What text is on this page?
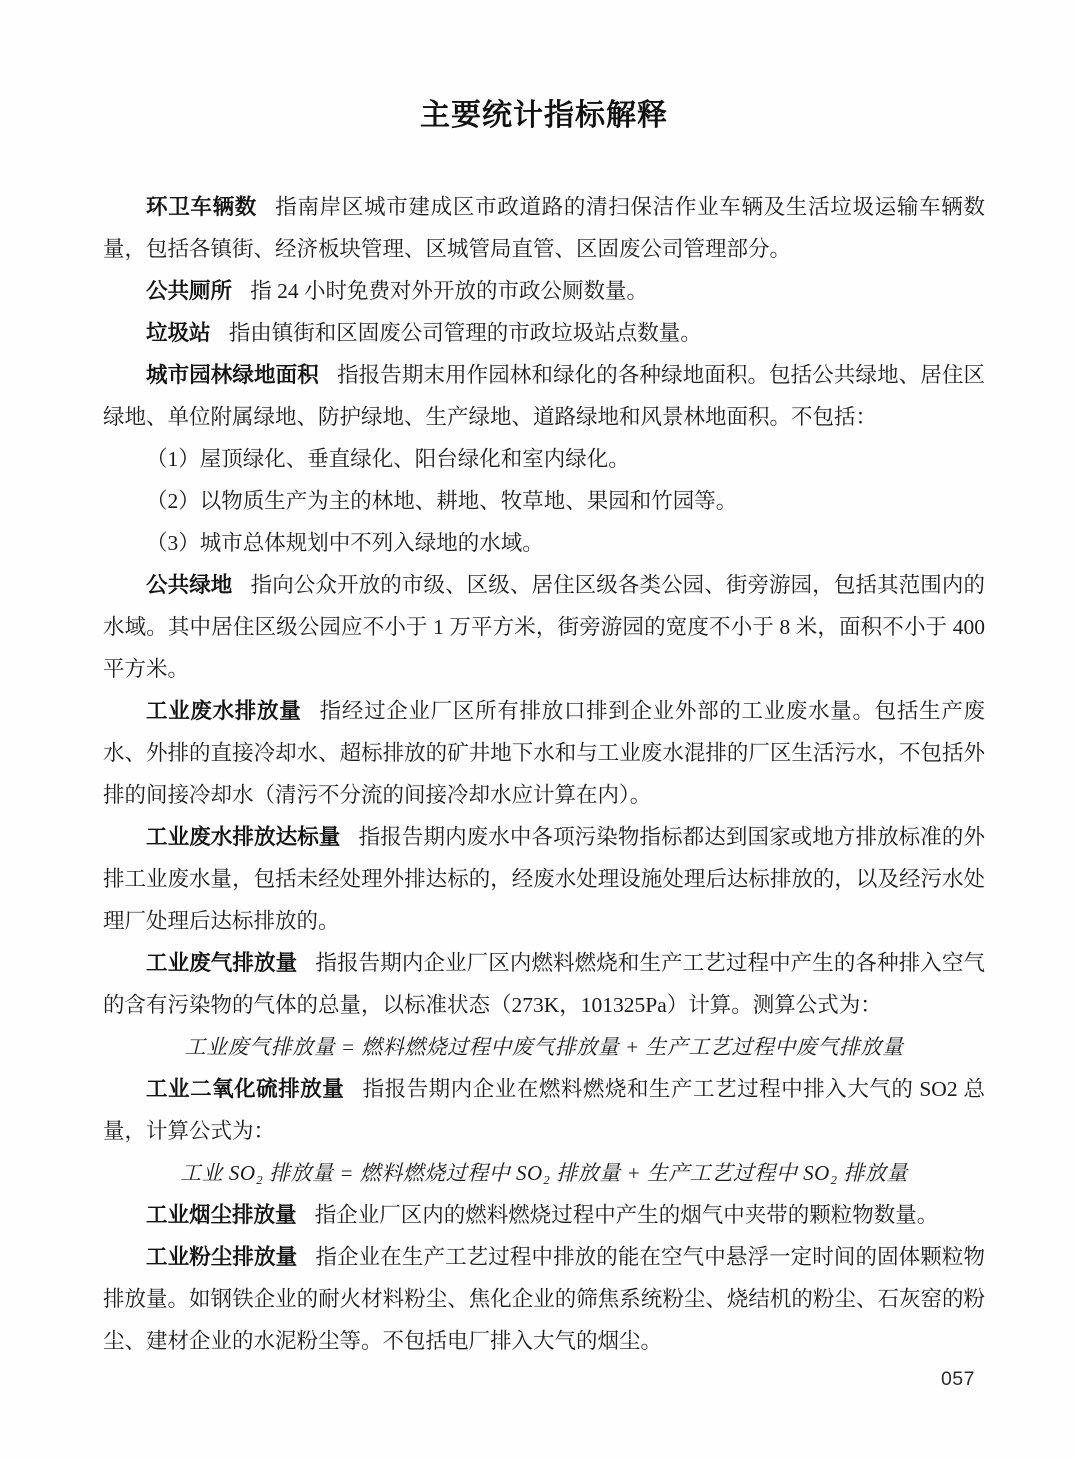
主要统计指标解释

环卫车辆数 指南岸区城市建成区市政道路的清扫保洁作业车辆及生活垃圾运输车辆数量，包括各镇街、经济板块管理、区城管局直管、区固废公司管理部分。

公共厕所 指 24 小时免费对外开放的市政公厕数量。

垃圾站 指由镇街和区固废公司管理的市政垃圾站点数量。

城市园林绿地面积 指报告期末用作园林和绿化的各种绿地面积。包括公共绿地、居住区绿地、单位附属绿地、防护绿地、生产绿地、道路绿地和风景林地面积。不包括：

（1）屋顶绿化、垂直绿化、阳台绿化和室内绿化。

（2）以物质生产为主的林地、耕地、牧草地、果园和竹园等。

（3）城市总体规划中不列入绿地的水域。

公共绿地 指向公众开放的市级、区级、居住区级各类公园、街旁游园，包括其范围内的水域。其中居住区级公园应不小于 1 万平方米，街旁游园的宽度不小于 8 米，面积不小于 400 平方米。

工业废水排放量 指经过企业厂区所有排放口排到企业外部的工业废水量。包括生产废水、外排的直接冷却水、超标排放的矿井地下水和与工业废水混排的厂区生活污水，不包括外排的间接冷却水（清污不分流的间接冷却水应计算在内）。

工业废水排放达标量 指报告期内废水中各项污染物指标都达到国家或地方排放标准的外排工业废水量，包括未经处理外排达标的，经废水处理设施处理后达标排放的，以及经污水处理厂处理后达标排放的。

工业废气排放量 指报告期内企业厂区内燃料燃烧和生产工艺过程中产生的各种排入空气的含有污染物的气体的总量，以标准状态（273K，101325Pa）计算。测算公式为：

工业废气排放量 = 燃料燃烧过程中废气排放量 + 生产工艺过程中废气排放量

工业二氧化硫排放量 指报告期内企业在燃料燃烧和生产工艺过程中排入大气的 SO2 总量，计算公式为：

工业 SO₂ 排放量 = 燃料燃烧过程中 SO₂ 排放量 + 生产工艺过程中 SO₂ 排放量

工业烟尘排放量 指企业厂区内的燃料燃烧过程中产生的烟气中夹带的颗粒物数量。

工业粉尘排放量 指企业在生产工艺过程中排放的能在空气中悬浮一定时间的固体颗粒物排放量。如钢铁企业的耐火材料粉尘、焦化企业的筛焦系统粉尘、烧结机的粉尘、石灰窑的粉尘、建材企业的水泥粉尘等。不包括电厂排入大气的烟尘。

057
